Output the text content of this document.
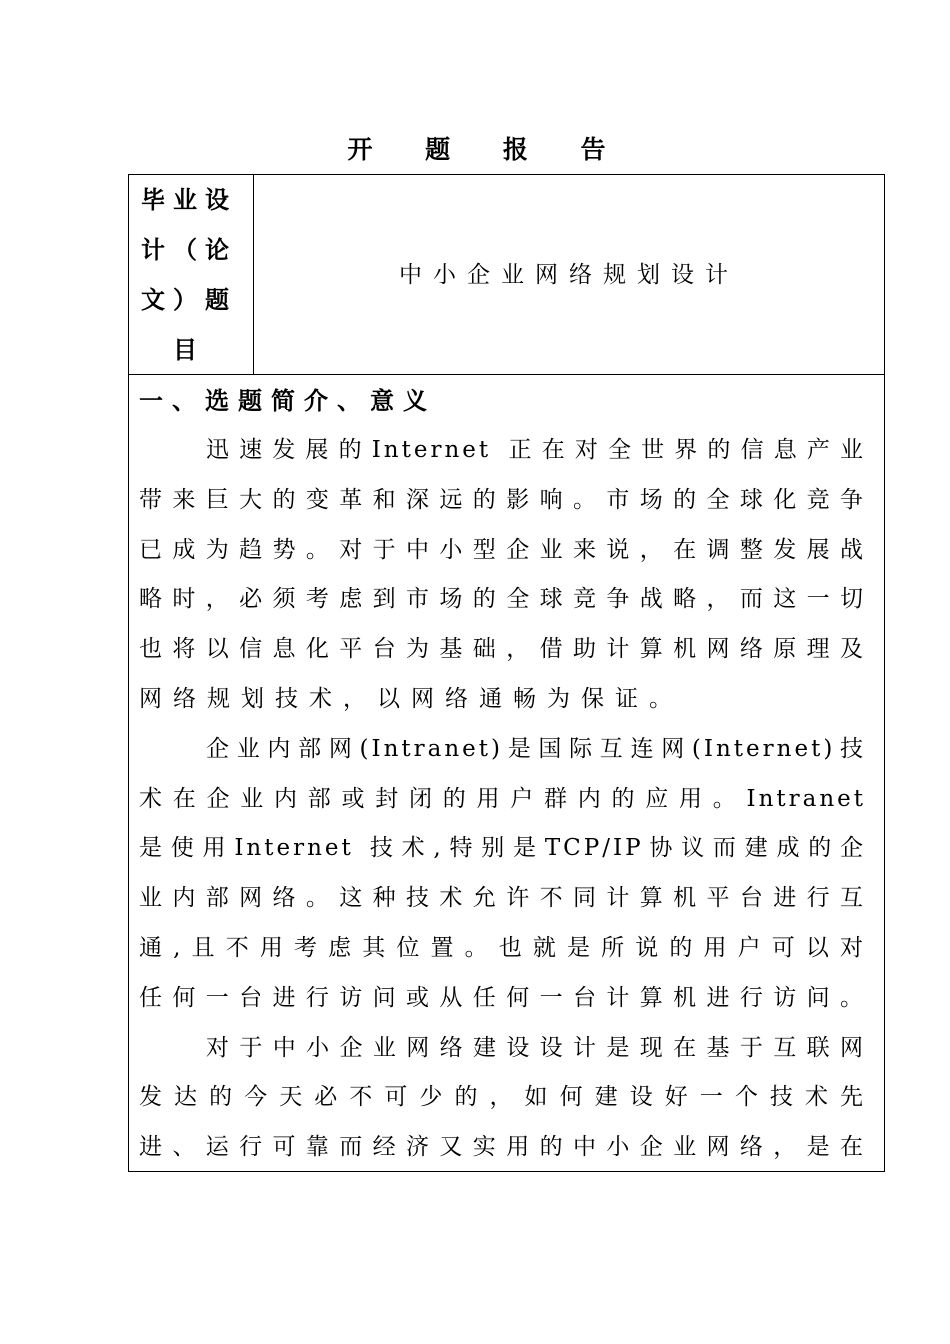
开 题 报 告
毕业设
计（论
文）题
目
中小企业网络规划设计
一、选题简介、意义
迅速发展的Internet 正在对全世界的信息产业
带来巨大的变革和深远的影响。市场的全球化竞争
已成为趋势。对于中小型企业来说，在调整发展战
略时，必须考虑到市场的全球竞争战略，而这一切
也将以信息化平台为基础，借助计算机网络原理及
网络规划技术，以网络通畅为保证。
企业内部网(Intranet)是国际互连网(Internet)技
术在企业内部或封闭的用户群内的应用。Intranet
是使用Internet 技术,特别是TCP/IP协议而建成的企
业内部网络。这种技术允许不同计算机平台进行互
通,且不用考虑其位置。也就是所说的用户可以对
任何一台进行访问或从任何一台计算机进行访问。
对于中小企业网络建设设计是现在基于互联网
发达的今天必不可少的，如何建设好一个技术先
进、运行可靠而经济又实用的中小企业网络，是在
